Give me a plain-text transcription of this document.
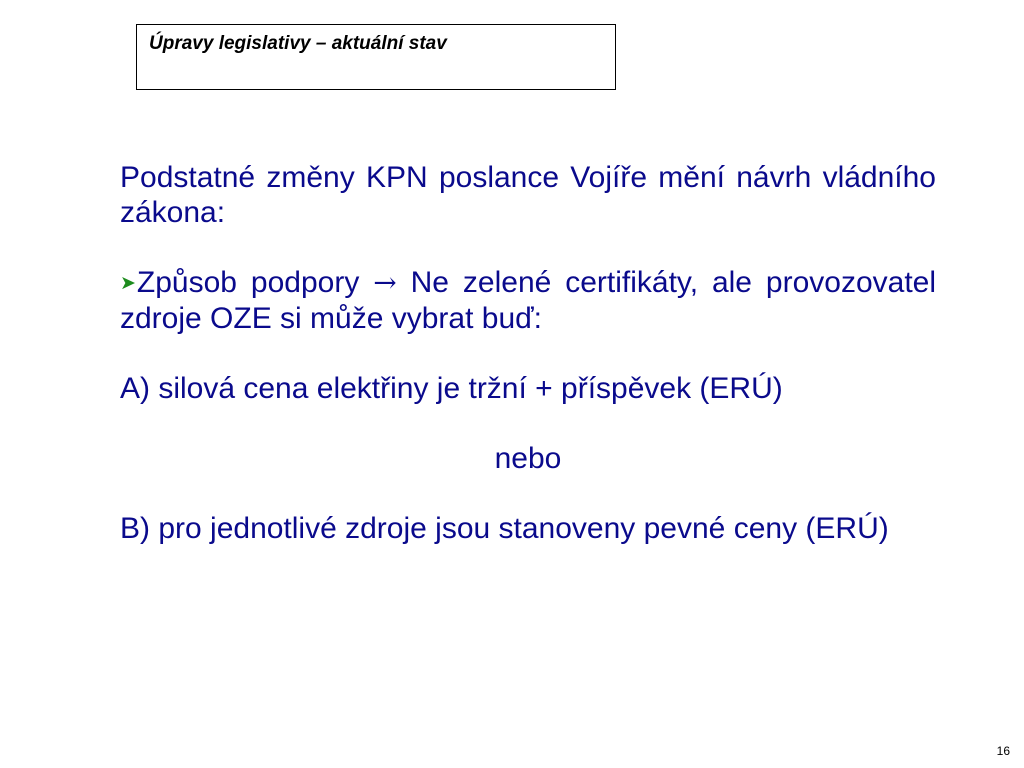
Úpravy legislativy – aktuální stav

Podstatné změny KPN poslance Vojíře mění návrh vládního zákona:

➤Způsob podpory → Ne zelené certifikáty, ale provozovatel zdroje OZE si může vybrat buď:

A) silová cena elektřiny je tržní + příspěvek (ERÚ)

nebo

B) pro jednotlivé zdroje jsou stanoveny pevné ceny (ERÚ)

16
